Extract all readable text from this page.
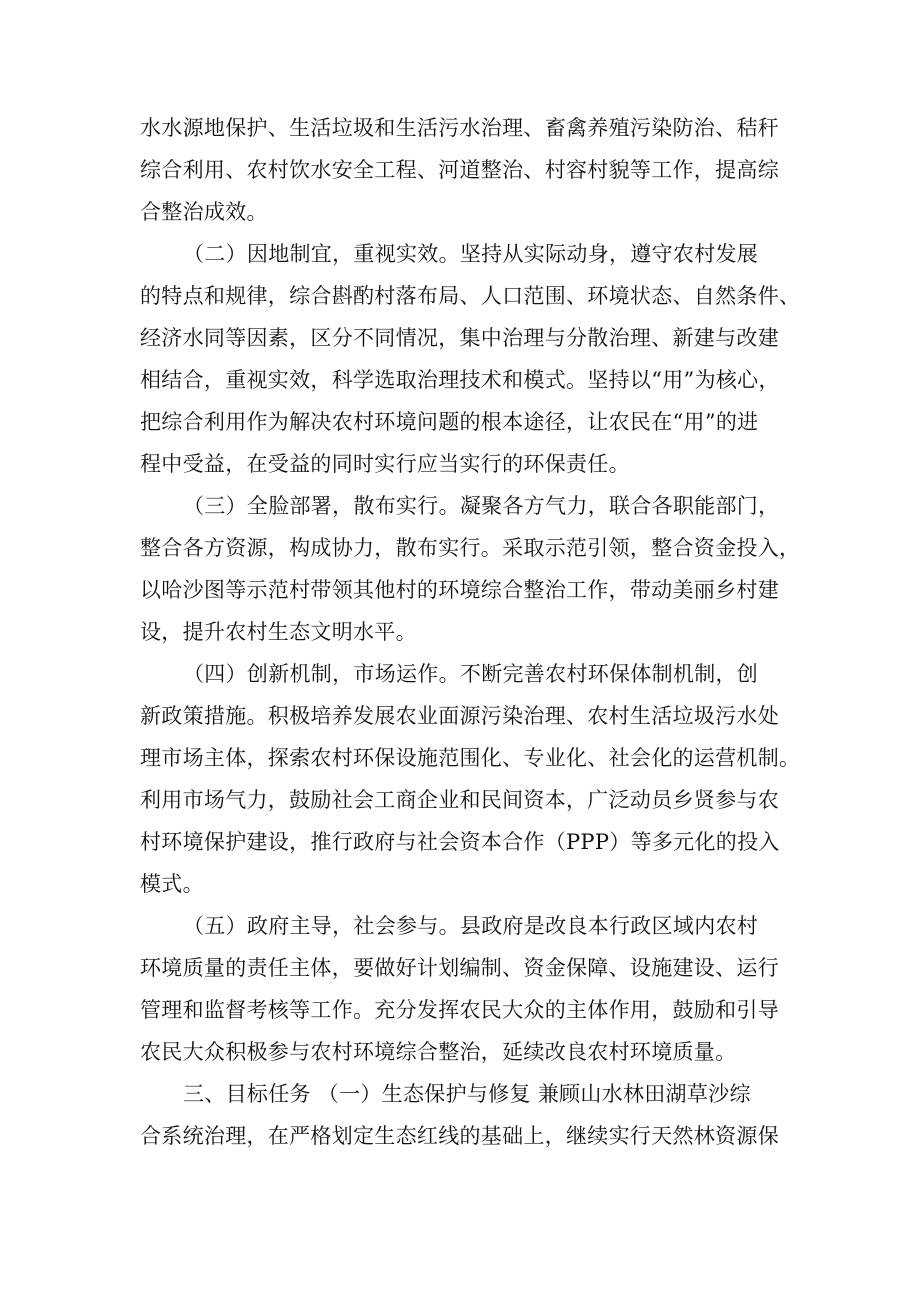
水水源地保护、生活垃圾和生活污水治理、畜禽养殖污染防治、秸秆
综合利用、农村饮水安全工程、河道整治、村容村貌等工作，提高综
合整治成效。
（二）因地制宜，重视实效。坚持从实际动身，遵守农村发展
的特点和规律，综合斟酌村落布局、人口范围、环境状态、自然条件、
经济水同等因素，区分不同情况，集中治理与分散治理、新建与改建
相结合，重视实效，科学选取治理技术和模式。坚持以“用”为核心，
把综合利用作为解决农村环境问题的根本途径，让农民在“用”的进
程中受益，在受益的同时实行应当实行的环保责任。
（三）全脸部署，散布实行。凝聚各方气力，联合各职能部门，
整合各方资源，构成协力，散布实行。采取示范引领，整合资金投入，
以哈沙图等示范村带领其他村的环境综合整治工作，带动美丽乡村建
设，提升农村生态文明水平。
（四）创新机制，市场运作。不断完善农村环保体制机制，创
新政策措施。积极培养发展农业面源污染治理、农村生活垃圾污水处
理市场主体，探索农村环保设施范围化、专业化、社会化的运营机制。
利用市场气力，鼓励社会工商企业和民间资本，广泛动员乡贤参与农
村环境保护建设，推行政府与社会资本合作（PPP）等多元化的投入
模式。
（五）政府主导，社会参与。县政府是改良本行政区域内农村
环境质量的责任主体，要做好计划编制、资金保障、设施建设、运行
管理和监督考核等工作。充分发挥农民大众的主体作用，鼓励和引导
农民大众积极参与农村环境综合整治，延续改良农村环境质量。
三、目标任务 （一）生态保护与修复 兼顾山水林田湖草沙综
合系统治理，在严格划定生态红线的基础上，继续实行天然林资源保
